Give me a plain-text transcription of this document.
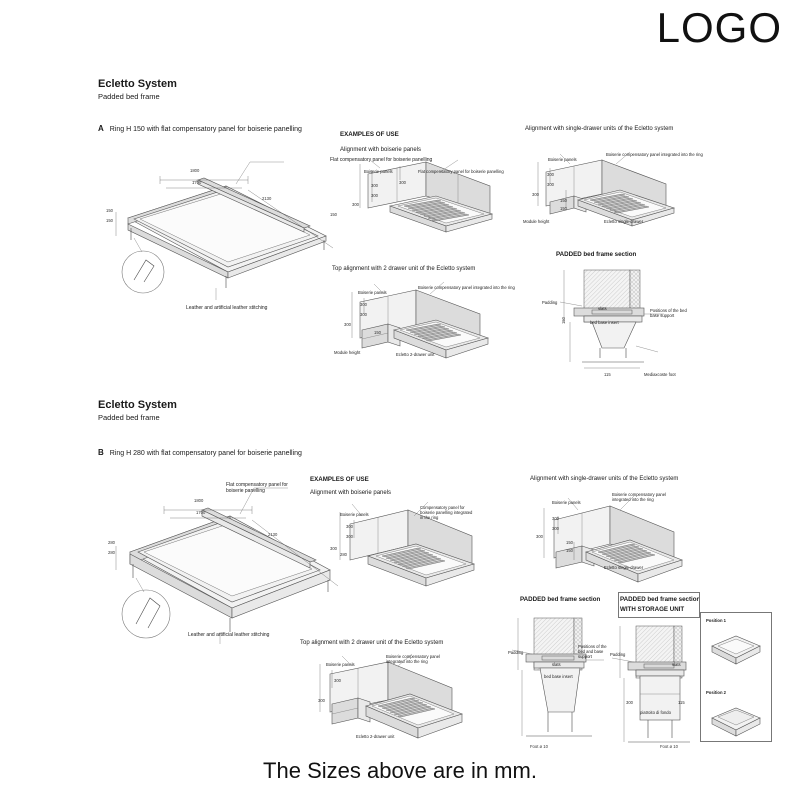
LOGO
Ecletto System
Padded bed frame
A Ring H 150 with flat compensatory panel for boiserie panelling
Flat compensatory panel for boiserie panelling
Leather and artificial leather stitching
1800
1700
150
150
2130
150
EXAMPLES OF USE
Alignment with boiserie panels
Boiserie panels	Flat compensatory panel for boiserie panelling
300
300
300
300
Alignment with single-drawer units of the Ecletto system
Boiserie panels
Boiserie compensatory panel integrated into the ring
Module height	Ecletto single-drawer
300
300
300
150
150
Top alignment with 2 drawer unit of the Ecletto system
Boiserie panels
Boiserie compensatory panel integrated into the ring
Module height	Ecletto 2-drawer unit
300
300
300
150
PADDED bed frame section
Padding
slats
bed base insert
Positions of the bed base support
Mediaxcoste foot
150
115
Ecletto System
Padded bed frame
B Ring H 280 with flat compensatory panel for boiserie panelling
Flat compensatory panel for boiserie panelling
Leather and artificial leather stitching
1800
1700
280
280
2130
280
EXAMPLES OF USE
Alignment with boiserie panels
Boiserie panels
Compensatory panel for boiserie panelling integrated in the ring
300
300
300
Alignment with single-drawer units of the Ecletto system
Boiserie panels
Boiserie compensatory panel integrated into the ring
Ecletto single-drawer
300
300
300
150
150
Top alignment with 2 drawer unit of the Ecletto system
Boiserie panels
Boiserie compensatory panel integrated into the ring
Ecletto 2-drawer unit
300
300
PADDED bed frame section
Padding
slats
bed base insert
Positions of the bed and base support
Foot ø 10
PADDED bed frame section
WITH STORAGE UNIT
Padding
slats
piatroito di fondo
Foot ø 10
300	115
Position 1
Position 2
The Sizes above are in mm.
